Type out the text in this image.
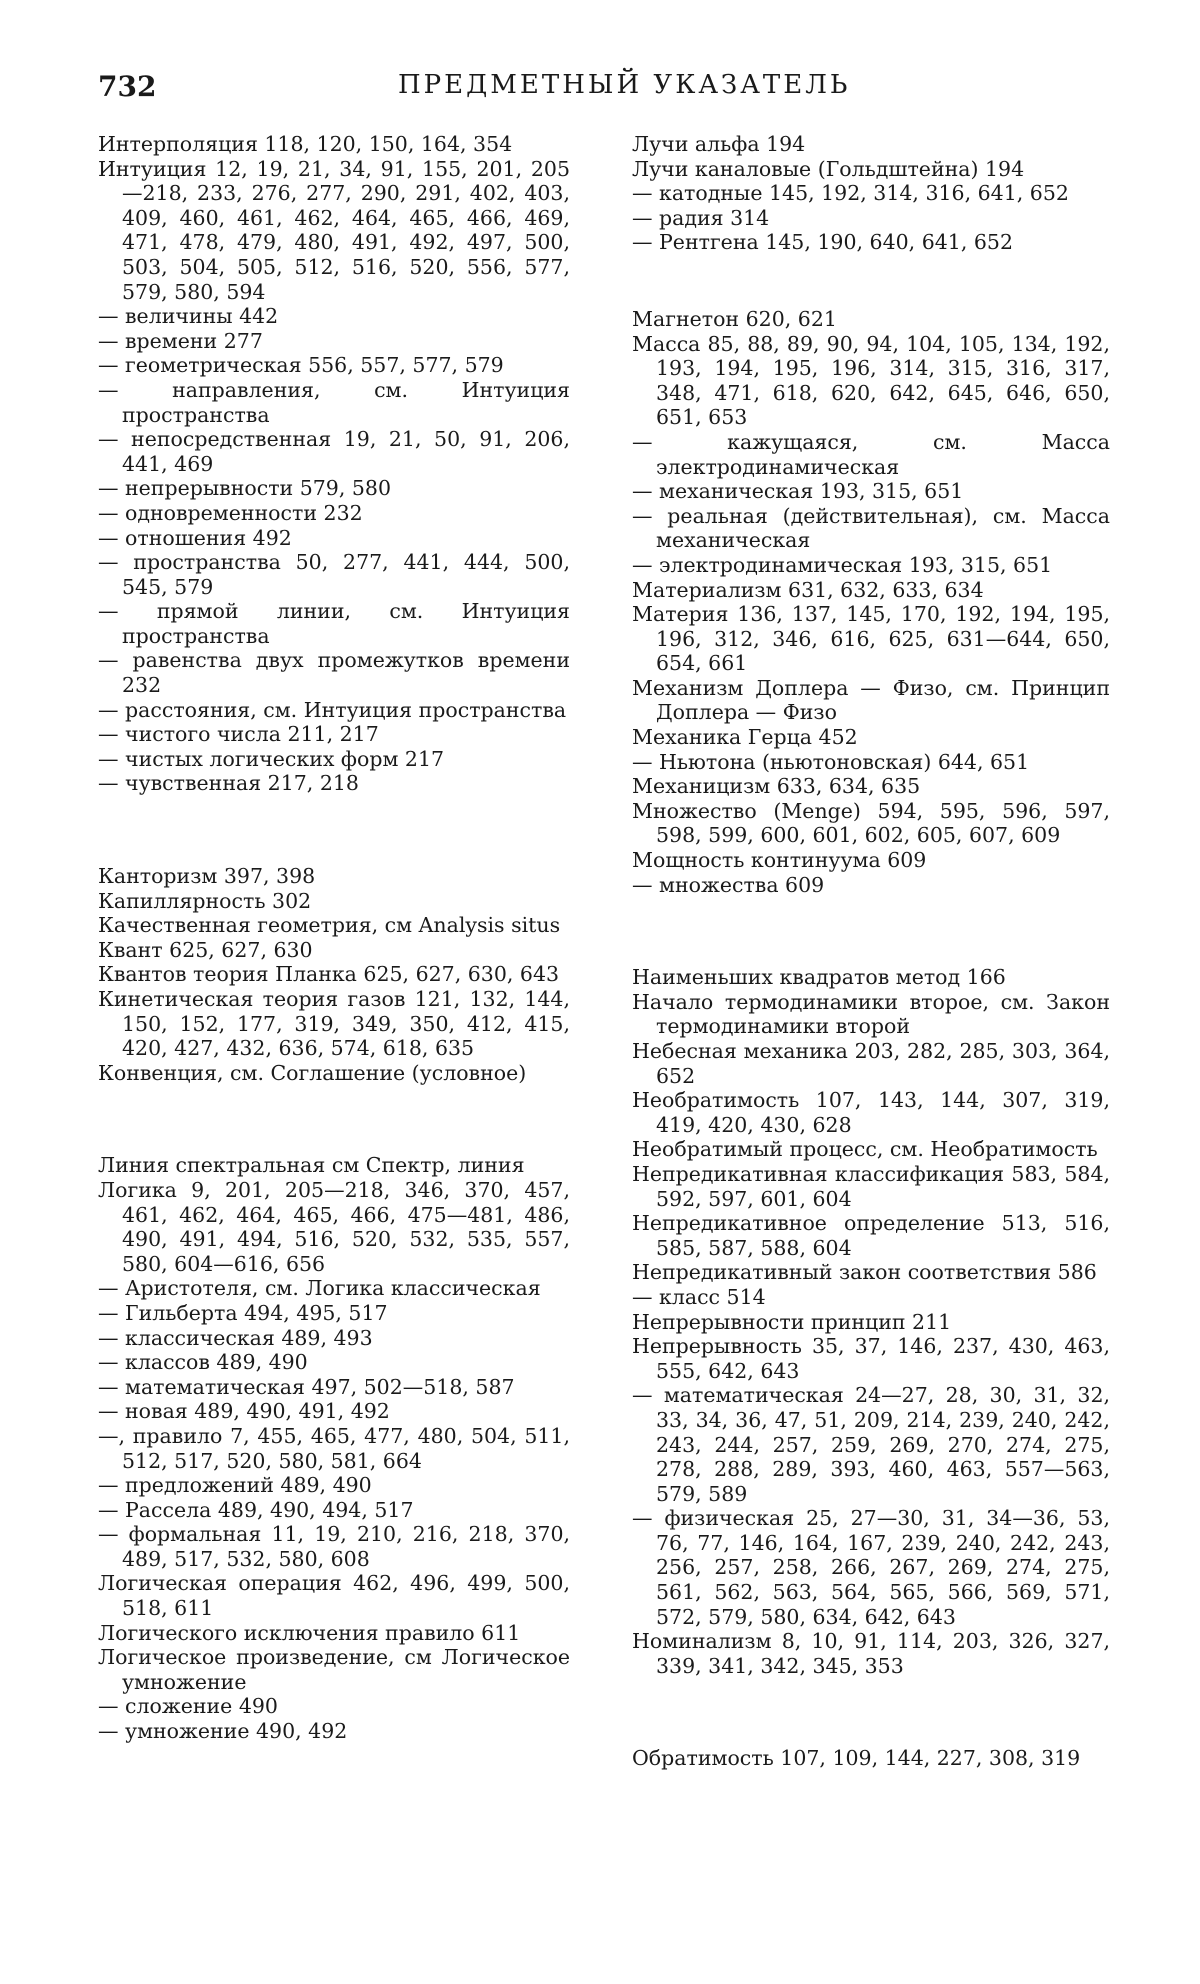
732	ПРЕДМЕТНЫЙ УКАЗАТЕЛЬ

Интерполяция 118, 120, 150, 164, 354

Интуиция 12, 19, 21, 34, 91, 155, 201, 205—218, 233, 276, 277, 290, 291, 402, 403, 409, 460, 461, 462, 464, 465, 466, 469, 471, 478, 479, 480, 491, 492, 497, 500, 503, 504, 505, 512, 516, 520, 556, 577, 579, 580, 594

— величины 442

— времени 277

— геометрическая 556, 557, 577, 579

— направления, см. Интуиция пространства

— непосредственная 19, 21, 50, 91, 206, 441, 469

— непрерывности 579, 580

— одновременности 232

— отношения 492

— пространства 50, 277, 441, 444, 500, 545, 579

— прямой линии, см. Интуиция пространства

— равенства двух промежутков времени 232

— расстояния, см. Интуиция пространства

— чистого числа 211, 217

— чистых логических форм 217

— чувственная 217, 218

Канторизм 397, 398

Капиллярность 302

Качественная геометрия, см Analysis situs

Квант 625, 627, 630

Квантов теория Планка 625, 627, 630, 643

Кинетическая теория газов 121, 132, 144, 150, 152, 177, 319, 349, 350, 412, 415, 420, 427, 432, 636, 574, 618, 635

Конвенция, см. Соглашение (условное)

Линия спектральная см Спектр, линия

Логика 9, 201, 205—218, 346, 370, 457, 461, 462, 464, 465, 466, 475—481, 486, 490, 491, 494, 516, 520, 532, 535, 557, 580, 604—616, 656

— Аристотеля, см. Логика классическая

— Гильберта 494, 495, 517

— классическая 489, 493

— классов 489, 490

— математическая 497, 502—518, 587

— новая 489, 490, 491, 492

—, правило 7, 455, 465, 477, 480, 504, 511, 512, 517, 520, 580, 581, 664

— предложений 489, 490

— Рассела 489, 490, 494, 517

— формальная 11, 19, 210, 216, 218, 370, 489, 517, 532, 580, 608

Логическая операция 462, 496, 499, 500, 518, 611

Логического исключения правило 611

Логическое произведение, см Логическое умножение

— сложение 490

— умножение 490, 492

Лучи альфа 194

Лучи каналовые (Гольдштейна) 194

— катодные 145, 192, 314, 316, 641, 652

— радия 314

— Рентгена 145, 190, 640, 641, 652

Магнетон 620, 621

Масса 85, 88, 89, 90, 94, 104, 105, 134, 192, 193, 194, 195, 196, 314, 315, 316, 317, 348, 471, 618, 620, 642, 645, 646, 650, 651, 653

— кажущаяся, см. Масса электродинамическая

— механическая 193, 315, 651

— реальная (действительная), см. Масса механическая

— электродинамическая 193, 315, 651

Материализм 631, 632, 633, 634

Материя 136, 137, 145, 170, 192, 194, 195, 196, 312, 346, 616, 625, 631—644, 650, 654, 661

Механизм Доплера — Физо, см. Принцип Доплера — Физо

Механика Герца 452

— Ньютона (ньютоновская) 644, 651

Механицизм 633, 634, 635

Множество (Menge) 594, 595, 596, 597, 598, 599, 600, 601, 602, 605, 607, 609

Мощность континуума 609

— множества 609

Наименьших квадратов метод 166

Начало термодинамики второе, см. Закон термодинамики второй

Небесная механика 203, 282, 285, 303, 364, 652

Необратимость 107, 143, 144, 307, 319, 419, 420, 430, 628

Необратимый процесс, см. Необратимость

Непредикативная классификация 583, 584, 592, 597, 601, 604

Непредикативное определение 513, 516, 585, 587, 588, 604

Непредикативный закон соответствия 586

— класс 514

Непрерывности принцип 211

Непрерывность 35, 37, 146, 237, 430, 463, 555, 642, 643

— математическая 24—27, 28, 30, 31, 32, 33, 34, 36, 47, 51, 209, 214, 239, 240, 242, 243, 244, 257, 259, 269, 270, 274, 275, 278, 288, 289, 393, 460, 463, 557—563, 579, 589

— физическая 25, 27—30, 31, 34—36, 53, 76, 77, 146, 164, 167, 239, 240, 242, 243, 256, 257, 258, 266, 267, 269, 274, 275, 561, 562, 563, 564, 565, 566, 569, 571, 572, 579, 580, 634, 642, 643

Номинализм 8, 10, 91, 114, 203, 326, 327, 339, 341, 342, 345, 353

Обратимость 107, 109, 144, 227, 308, 319
